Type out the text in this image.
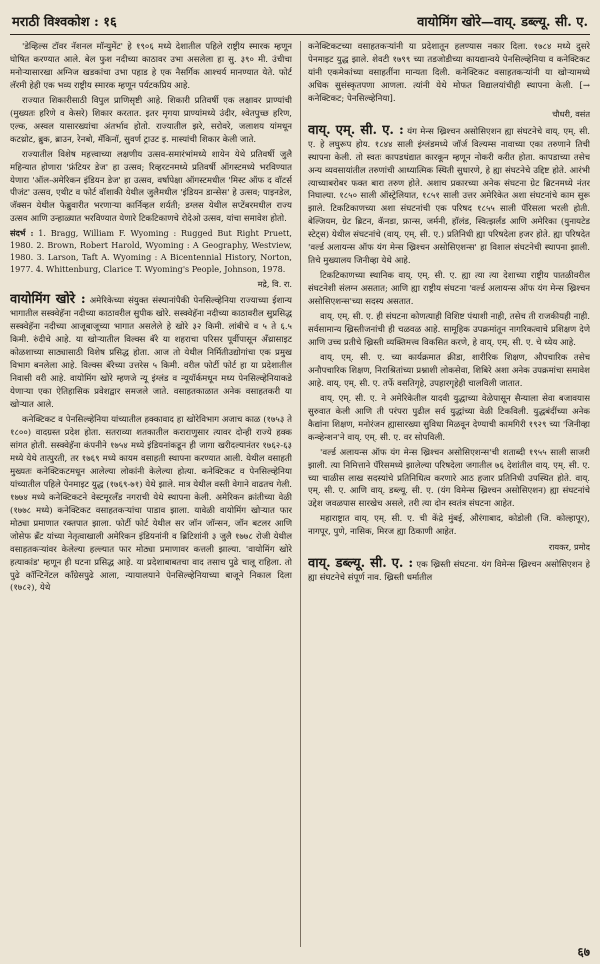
मराठी विश्वकोश : १६	वायोमिंग खोरे—वाय्. डब्ल्यू. सी. ए.

'डेव्हिल्स टॉवर नॅशनल मॉन्युमेंट' हे १९०६ मध्ये देशातील पहिले राष्ट्रीय स्मारक म्हणून घोषित करण्यात आले. बेल फुश नदीच्या काठावर उभा असलेला हा सु. ३९० मी. उंचीचा मनोऱ्यासारखा अग्निज खडकांचा उभा पहाड हे एक नैसर्गिक आश्चर्य मानण्यात येते. फोर्ट लॅरमी हेही एक भव्य राष्ट्रीय स्मारक म्हणून पर्यटकप्रिय आहे.

राज्यात शिकारीसाठी विपुल प्राणिसृष्टी आहे. शिकारी प्रतिवर्षी एक लक्षावर प्राण्यांची (मुख्यतः हरिणे व केसरे) शिकार करतात. इतर मृगया प्राण्यांमध्ये उंदीर, श्वेतपुच्छ हरिण, एल्क, अस्वल यासारख्यांचा अंतर्भाव होतो. राज्यातील झरे, सरोवरे, जलाशय यांमधून कटथ्रोट, ब्रुक, ब्राउन, रेनबो, मॅकिनॉ, सुवर्ण ट्राउट इ. मास्यांची शिकार केली जाते.

राज्यातील विशेष महत्त्वाच्या लक्षणीय उत्सव-समारंभांमध्ये शायेन येथे प्रतिवर्षी जुलै महिन्यात होणारा 'फ्रंटियर डेज' हा उत्सव; रिव्हरटनमध्ये प्रतिवर्षी ऑगस्टमध्ये भरविण्यात येणारा 'ऑल-अमेरिकन इंडियन डेज' हा उत्सव, वर्षांपेक्षा ऑगस्टमधील 'मिस्ट ऑफ द वॉटर्स पीजंट' उत्सव, एथीट व फोर्ट वॉशाकी येथील जुलैमधील 'इंडियन डान्सेस' हे उत्सव; पाइनडेल, जॅक्सन येथील फेब्रुवारीत भरणाऱ्या कार्निव्हल शर्यती; डग्लस येथील सप्टेंबरमधील राज्य उत्सव आणि उन्हाळ्यात भरविण्यात येणारे टिकटिकाणचे रोदेओ उत्सव, यांचा समावेश होतो.

संदर्भ : 1. Bragg, William F. Wyoming : Rugged But Right Pruett, 1980. 2. Brown, Robert Harold, Wyoming : A Geography, Westview, 1980. 3. Larson, Taft A. Wyoming : A Bicentennial History, Norton, 1977. 4. Whittenburg, Clarice T. Wyoming's People, Johnson, 1978.

मद्रे, वि. रा.

वायोमिंग खोरे : अमेरिकेच्या संयुक्त संस्थानांपैकी पेनसिल्व्हेनिया राज्याच्या ईशान्य भागातील सस्क्वेहॅना नदीच्या काठावरील सुपीक खोरे. सस्क्वेहॅना नदीच्या काठावरील सुप्रसिद्ध सस्क्वेहॅना नदीच्या आजूबाजूच्या भागात असलेले हे खोरे ३२ किमी. लांबीचे व ५ ते ६.५ किमी. रुंदीचे आहे. या खोऱ्यातील विल्क्स बॅरे या शहराचा परिसर पूर्वीपासून अँथ्रासाइट कोळशाच्या साठ्यासाठी विशेष प्रसिद्ध होता. आज तो येथील निर्मितीउद्योगांचा एक प्रमुख विभाग बनलेला आहे. विल्क्स बॅरेच्या उत्तरेस ५ किमी. वरील फोर्टी फोर्ट हा या प्रदेशातील निवासी वरी आहे. वायोमिंग खोरे म्हणजे न्यू इंग्लंड व न्यूयॉर्कमधून मध्य पेनसिल्व्हेनियाकडे येणाऱ्या एका ऐतिहासिक प्रवेशद्वार समजले जाते. वसाहतकाळात अनेक वसाहतकरी या खोऱ्यात आले.

कनेक्टिकट व पेनसिल्व्हेनिया यांच्यातील हक्कावाद हा खोरेविभाग अजाच काळ (१७५३ ते १८००) वादग्रस्त प्रदेश होता. सतराव्या शतकातील कराराणुसार त्यावर दोन्ही राज्ये हक्क सांगत होती. सस्क्वेहॅना कंपनीने १७५४ मध्ये इंडियनांकडून ही जागा खरीदल्यानंतर १७६२-६३ मध्ये येथे तात्पुरती, तर १७६९ मध्ये कायम वसाहती स्थापना करण्यात आली. येथील वसाहती मुख्यतः कनेक्टिकटमधून आलेल्या लोकांनी केलेल्या होत्या. कनेक्टिकट व पेनसिल्व्हेनिया यांच्यातील पहिले पेनमाइट युद्ध (१७६९-७१) येथे झाले. मात्र येथील वस्ती वेगाने वाढतच गेली. १७७४ मध्ये कनेक्टिकटने वेस्टमूरलँड नगराची येथे स्थापना केली. अमेरिकन क्रांतीच्या वेळी (१७७८ मध्ये) कनेक्टिकट वसाहतकऱ्यांचा पाडाव झाला. यावेळी वायोमिंग खोऱ्यात फार मोठ्या प्रमाणात रक्तपात झाला. फोर्टी फोर्ट येथील सर जॉन जॉन्सन, जॉन बटलर आणि जोसेफ ब्रँट यांच्या नेतृत्वाखाली अमेरिकन इंडियनांनी व ब्रिटिशांनी ३ जुलै १७७८ रोजी येथील वसाहतकऱ्यांवर केलेल्या हल्ल्यात फार मोठ्या प्रमाणावर कत्तली झाल्या. 'वायोमिंग खोरे हत्याकांड' म्हणून ही घटना प्रसिद्ध आहे. या प्रदेशाबाबतचा वाद तसाच पुढे चालू राहिला. तो पुढे कॉन्टिनेंटल कॉंग्रेसपुढे आला, न्यायालयाने पेनसिल्व्हेनियाच्या बाजूने निकाल दिला (१७८२), येथे

कनेक्टिकटच्या वसाहतकऱ्यांनी या प्रदेशातून हलण्यास नकार दिला. १७८४ मध्ये दुसरे पेनमाइट युद्ध झाले. शेवटी १७९९ च्या तडजोडीच्या कायद्यान्वये पेनसिल्व्हेनिया व कनेक्टिकट यांनी एकमेकांच्या वसाहतींना मान्यता दिली. कनेक्टिकट वसाहतकऱ्यांनी या खोऱ्यामध्ये अधिक सुसंस्कृतपणा आणला. त्यांनी येथे मोफत विद्यालयांचीही स्थापना केली. [→ कनेक्टिकट; पेनसिल्व्हेनिया].

चौधरी, वसंत

वाय्. एम्. सी. ए. : यंग मेन्स ख्रिश्चन असोसिएशन ह्या संघटनेचे वाय्. एम्. सी. ए. हे लघुरूप होय. १८४४ साली इंग्लंडमध्ये जॉर्ज विल्यम्स नावाच्या एका तरुणाने तिची स्थापना केली. तो स्वतः कापडधंद्यात कारकून म्हणून नोकरी करीत होता. कापडाच्या तसेच अन्य व्यवसायांतील तरुणांची आध्यात्मिक स्थिती सुधारणे, हे ह्या संघटनेचे उद्दिष्ट होते. आरंभी त्याच्याबरोबर फक्त बारा तरुण होते. अशाच प्रकारच्या अनेक संघटना ग्रेट ब्रिटनमध्ये नंतर निघाल्या. १८५० साली ऑस्ट्रेलियात, १८५१ साली उत्तर अमेरिकेत अशा संघटनांचे काम सुरू झाले. टिकटिकाणच्या अशा संघटनांची एक परिषद १८५५ साली पॅरिसला भरली होती. बेल्जियम, ग्रेट ब्रिटन, कॅनडा, फ्रान्स, जर्मनी, हॉलंड, स्वित्झर्लंड आणि अमेरिका (युनायटेड स्टेट्स) येथील संघटनांचे (वाय्. एम्. सी. ए.) प्रतिनिधी ह्या परिषदेला हजर होते. ह्या परिषदेत 'वर्ल्ड अलायन्स ऑफ यंग मेन्स ख्रिश्चन असोसिएशन्स' हा विशाल संघटनेची स्थापना झाली. तिचे मुख्यालय जिनीव्हा येथे आहे.

टिकटिकाणच्या स्थानिक वाय्. एम्. सी. ए. ह्या त्या त्या देशाच्या राष्ट्रीय पातळीवरील संघटनेशी संलग्न असतात; आणि ह्या राष्ट्रीय संघटना 'वर्ल्ड अलायन्स ऑफ यंग मेन्स ख्रिश्चन असोसिएशन्स'च्या सदस्य असतात.

वाय्. एम्. सी. ए. ही संघटना कोणत्याही विशिष्ट पंथाशी नाही, तसेच ती राजकीयही नाही. सर्वसामान्य ख्रिस्तीजनांची ही चळवळ आहे. सामूहिक उपक्रमांतून नागरिकत्वाचे प्रशिक्षण देणे आणि उच्च प्रतीचे ख्रिस्ती व्यक्तिमत्त्व विकसित करणे, हे वाय्. एम्. सी. ए. चे ध्येय आहे.

वाय्. एम्. सी. ए. च्या कार्यक्रमात क्रीडा, शारीरिक शिक्षण, औपचारिक तसेच अनौपचारिक शिक्षण, निराश्रितांच्या प्रश्नाशी लोकसेवा, शिबिरे अशा अनेक उपक्रमांचा समावेश आहे. वाय्. एम्. सी. ए. तर्फे वसतिगृहे, उपहारगृहेही चालविली जातात.

वाय्. एम्. सी. ए. ने अमेरिकेतील यादवी युद्धाच्या वेळेपासून सैन्याला सेवा बजावयास सुरुवात केली आणि ती परंपरा पुढील सर्व युद्धांच्या वेळी टिकविली. युद्धबंदींच्या अनेक कैद्यांना शिक्षण, मनोरंजन ह्यासारख्या सुविधा मिळवून देण्याची कामगिरी १९२९ च्या 'जिनीव्हा कन्व्हेन्शन'ने वाय्. एम्. सी. ए. वर सोपविली.

'वर्ल्ड अलायन्स ऑफ यंग मेन्स ख्रिश्चन असोसिएशन्स'ची शताब्दी १९५५ साली साजरी झाली. त्या निमित्ताने पॅरिसमध्ये झालेल्या परिषदेला जगातील ७६ देशांतील वाय्. एम्. सी. ए. च्या चाळीस लाख सदस्यांचे प्रतिनिधित्व करणारे आठ हजार प्रतिनिधी उपस्थित होते. वाय्. एम्. सी. ए. आणि वाय्. डब्ल्यू. सी. ए. (यंग विमेन्स ख्रिश्चन असोसिएशन) ह्या संघटनांचे उद्देश जवळपास सारखेच असले, तरी त्या दोन स्वतंत्र संघटना आहेत.

महाराष्ट्रात वाय्. एम्. सी. ए. ची केंद्रे मुंबई, औरंगाबाद, कोडोली (जि. कोल्हापूर), नागपूर, पुणे, नासिक, मिरज ह्या ठिकाणी आहेत.

रायकर, प्रमोद

वाय्. डब्ल्यू. सी. ए. : एक ख्रिस्ती संघटना. यंग विमेन्स ख्रिश्चन असोसिएशन हे ह्या संघटनेचे संपूर्ण नाव. ख्रिस्ती धर्मातील

६७
